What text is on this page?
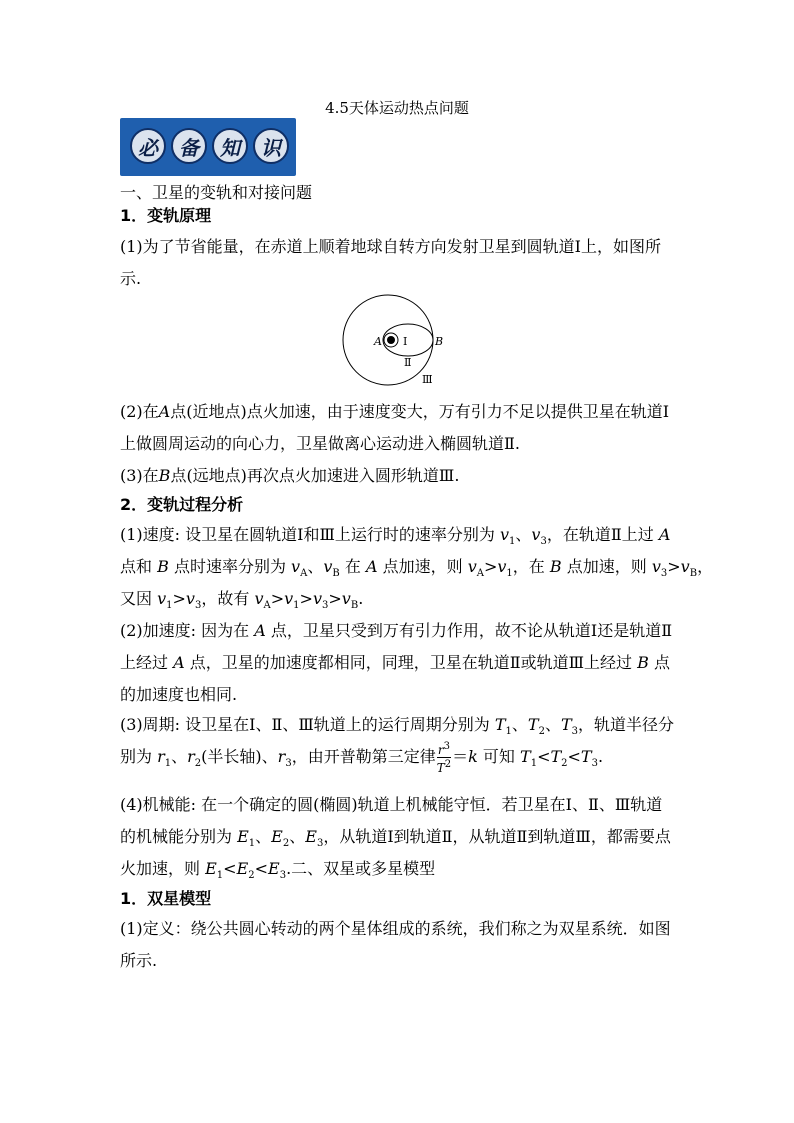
4.5天体运动热点问题
必	备	知	识
一、卫星的变轨和对接问题
1．变轨原理
(1)为了节省能量，在赤道上顺着地球自转方向发射卫星到圆轨道Ⅰ上，如图所
示.
A	B
Ⅰ
Ⅱ
Ⅲ
(2)在A点(近地点)点火加速，由于速度变大，万有引力不足以提供卫星在轨道Ⅰ
上做圆周运动的向心力，卫星做离心运动进入椭圆轨道Ⅱ.
(3)在B点(远地点)再次点火加速进入圆形轨道Ⅲ.
2．变轨过程分析
(1)速度: 设卫星在圆轨道Ⅰ和Ⅲ上运行时的速率分别为 $v_1$、$v_3$，在轨道Ⅱ上过 A
点和 B 点时速率分别为 $v_A$、$v_B$ 在 A 点加速，则 $v_A>v_1$，在 B 点加速，则 $v_3>v_B$，
又因 $v_1>v_3$，故有 $v_A>v_1>v_3>v_B$.
(2)加速度: 因为在 A 点，卫星只受到万有引力作用，故不论从轨道Ⅰ还是轨道Ⅱ
上经过 A 点，卫星的加速度都相同，同理，卫星在轨道Ⅱ或轨道Ⅲ上经过 B 点
的加速度也相同.
(3)周期: 设卫星在Ⅰ、Ⅱ、Ⅲ轨道上的运行周期分别为 $T_1$、$T_2$、$T_3$，轨道半径分
别为 $r_1$、$r_2$(半长轴)、$r_3$，由开普勒第三定律 $\frac{r^3}{T^2} =k$ 可知 $T_1<T_2<T_3$.
(4)机械能: 在一个确定的圆(椭圆)轨道上机械能守恒．若卫星在Ⅰ、Ⅱ、Ⅲ轨道
的机械能分别为 $E_1$、$E_2$、$E_3$，从轨道Ⅰ到轨道Ⅱ，从轨道Ⅱ到轨道Ⅲ，都需要点
火加速，则 $E_1<E_2<E_3$.二、双星或多星模型
1．双星模型
(1)定义：绕公共圆心转动的两个星体组成的系统，我们称之为双星系统．如图
所示.
